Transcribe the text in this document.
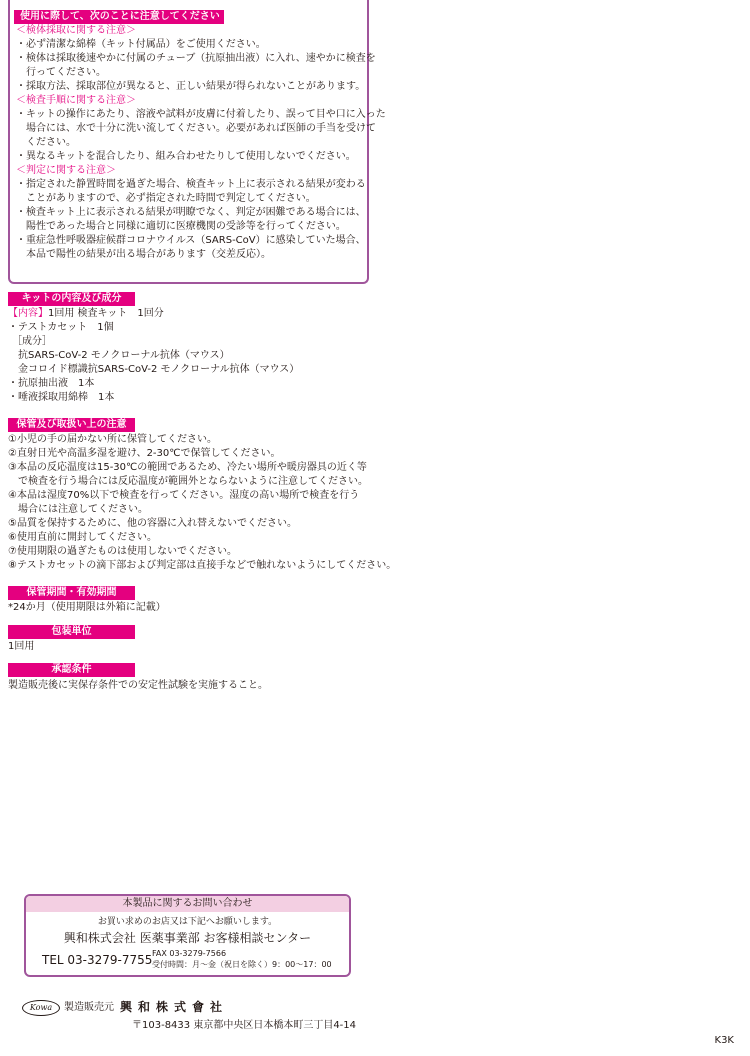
使用に際して、次のことに注意してください
＜検体採取に関する注意＞
・必ず清潔な綿棒（キット付属品）をご使用ください。
・検体は採取後速やかに付属のチューブ（抗原抽出液）に入れ、速やかに検査を
行ってください。
・採取方法、採取部位が異なると、正しい結果が得られないことがあります。
＜検査手順に関する注意＞
・キットの操作にあたり、溶液や試料が皮膚に付着したり、誤って目や口に入った
場合には、水で十分に洗い流してください。必要があれば医師の手当を受けて
ください。
・異なるキットを混合したり、組み合わせたりして使用しないでください。
＜判定に関する注意＞
・指定された静置時間を過ぎた場合、検査キット上に表示される結果が変わる
ことがありますので、必ず指定された時間で判定してください。
・検査キット上に表示される結果が明瞭でなく、判定が困難である場合には、
陽性であった場合と同様に適切に医療機関の受診等を行ってください。
・重症急性呼吸器症候群コロナウイルス（SARS-CoV）に感染していた場合、
本品で陽性の結果が出る場合があります（交差反応）。
キットの内容及び成分
【内容】1回用 検査キット　1回分
・テストカセット　1個
［成分］
抗SARS-CoV-2 モノクローナル抗体（マウス）
金コロイド標識抗SARS-CoV-2 モノクローナル抗体（マウス）
・抗原抽出液　1本
・唾液採取用綿棒　1本
保管及び取扱い上の注意
①小児の手の届かない所に保管してください。
②直射日光や高温多湿を避け、2-30℃で保管してください。
③本品の反応温度は15-30℃の範囲であるため、冷たい場所や暖房器具の近く等
で検査を行う場合には反応温度が範囲外とならないように注意してください。
④本品は湿度70%以下で検査を行ってください。湿度の高い場所で検査を行う
場合には注意してください。
⑤品質を保持するために、他の容器に入れ替えないでください。
⑥使用直前に開封してください。
⑦使用期限の過ぎたものは使用しないでください。
⑧テストカセットの滴下部および判定部は直接手などで触れないようにしてください。
保管期間・有効期間
*24か月（使用期限は外箱に記載）
包装単位
1回用
承認条件
製造販売後に実保存条件での安定性試験を実施すること。
本製品に関するお問い合わせ
お買い求めのお店又は下記へお願いします。
興和株式会社 医薬事業部 お客様相談センター
TEL 03-3279-7755 FAX 03-3279-7566
受付時間：月～金（祝日を除く）9：00～17：00
Kowa	製造販売元 興和株式會社
〒103-8433 東京都中央区日本橋本町三丁目4-14
K3K
